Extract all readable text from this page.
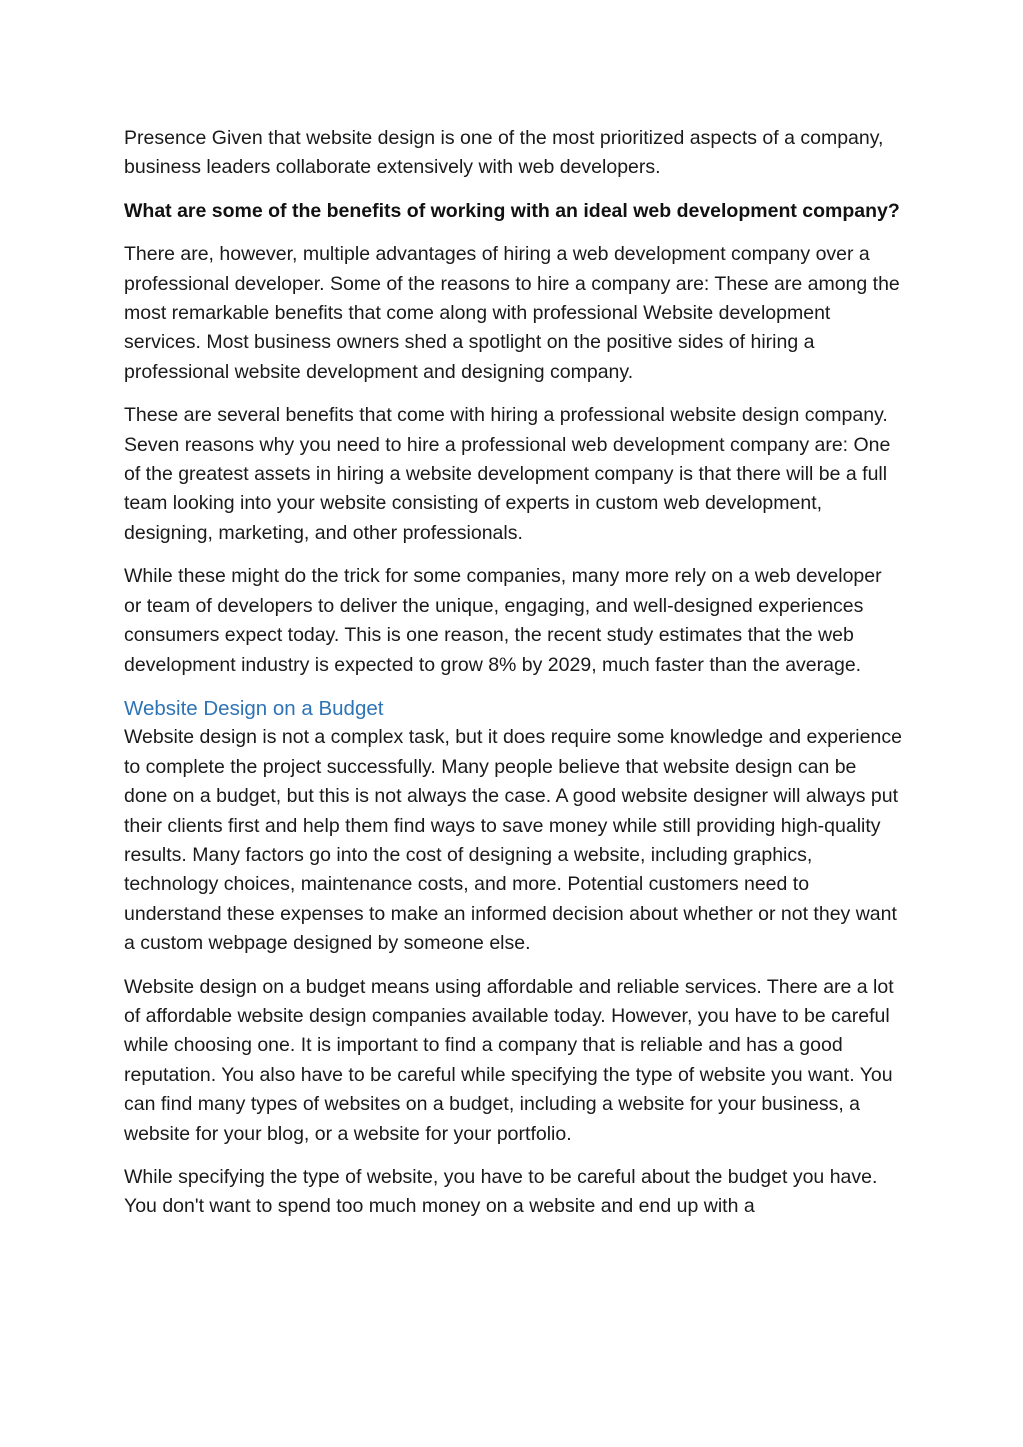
Presence Given that website design is one of the most prioritized aspects of a company, business leaders collaborate extensively with web developers.

What are some of the benefits of working with an ideal web development company?

There are, however, multiple advantages of hiring a web development company over a professional developer. Some of the reasons to hire a company are: These are among the most remarkable benefits that come along with professional Website development services. Most business owners shed a spotlight on the positive sides of hiring a professional website development and designing company.

These are several benefits that come with hiring a professional website design company. Seven reasons why you need to hire a professional web development company are: One of the greatest assets in hiring a website development company is that there will be a full team looking into your website consisting of experts in custom web development, designing, marketing, and other professionals.

While these might do the trick for some companies, many more rely on a web developer or team of developers to deliver the unique, engaging, and well-designed experiences consumers expect today. This is one reason, the recent study estimates that the web development industry is expected to grow 8% by 2029, much faster than the average.

Website Design on a Budget

Website design is not a complex task, but it does require some knowledge and experience to complete the project successfully. Many people believe that website design can be done on a budget, but this is not always the case. A good website designer will always put their clients first and help them find ways to save money while still providing high-quality results. Many factors go into the cost of designing a website, including graphics, technology choices, maintenance costs, and more. Potential customers need to understand these expenses to make an informed decision about whether or not they want a custom webpage designed by someone else.

Website design on a budget means using affordable and reliable services. There are a lot of affordable website design companies available today. However, you have to be careful while choosing one. It is important to find a company that is reliable and has a good reputation. You also have to be careful while specifying the type of website you want. You can find many types of websites on a budget, including a website for your business, a website for your blog, or a website for your portfolio.

While specifying the type of website, you have to be careful about the budget you have. You don't want to spend too much money on a website and end up with a
